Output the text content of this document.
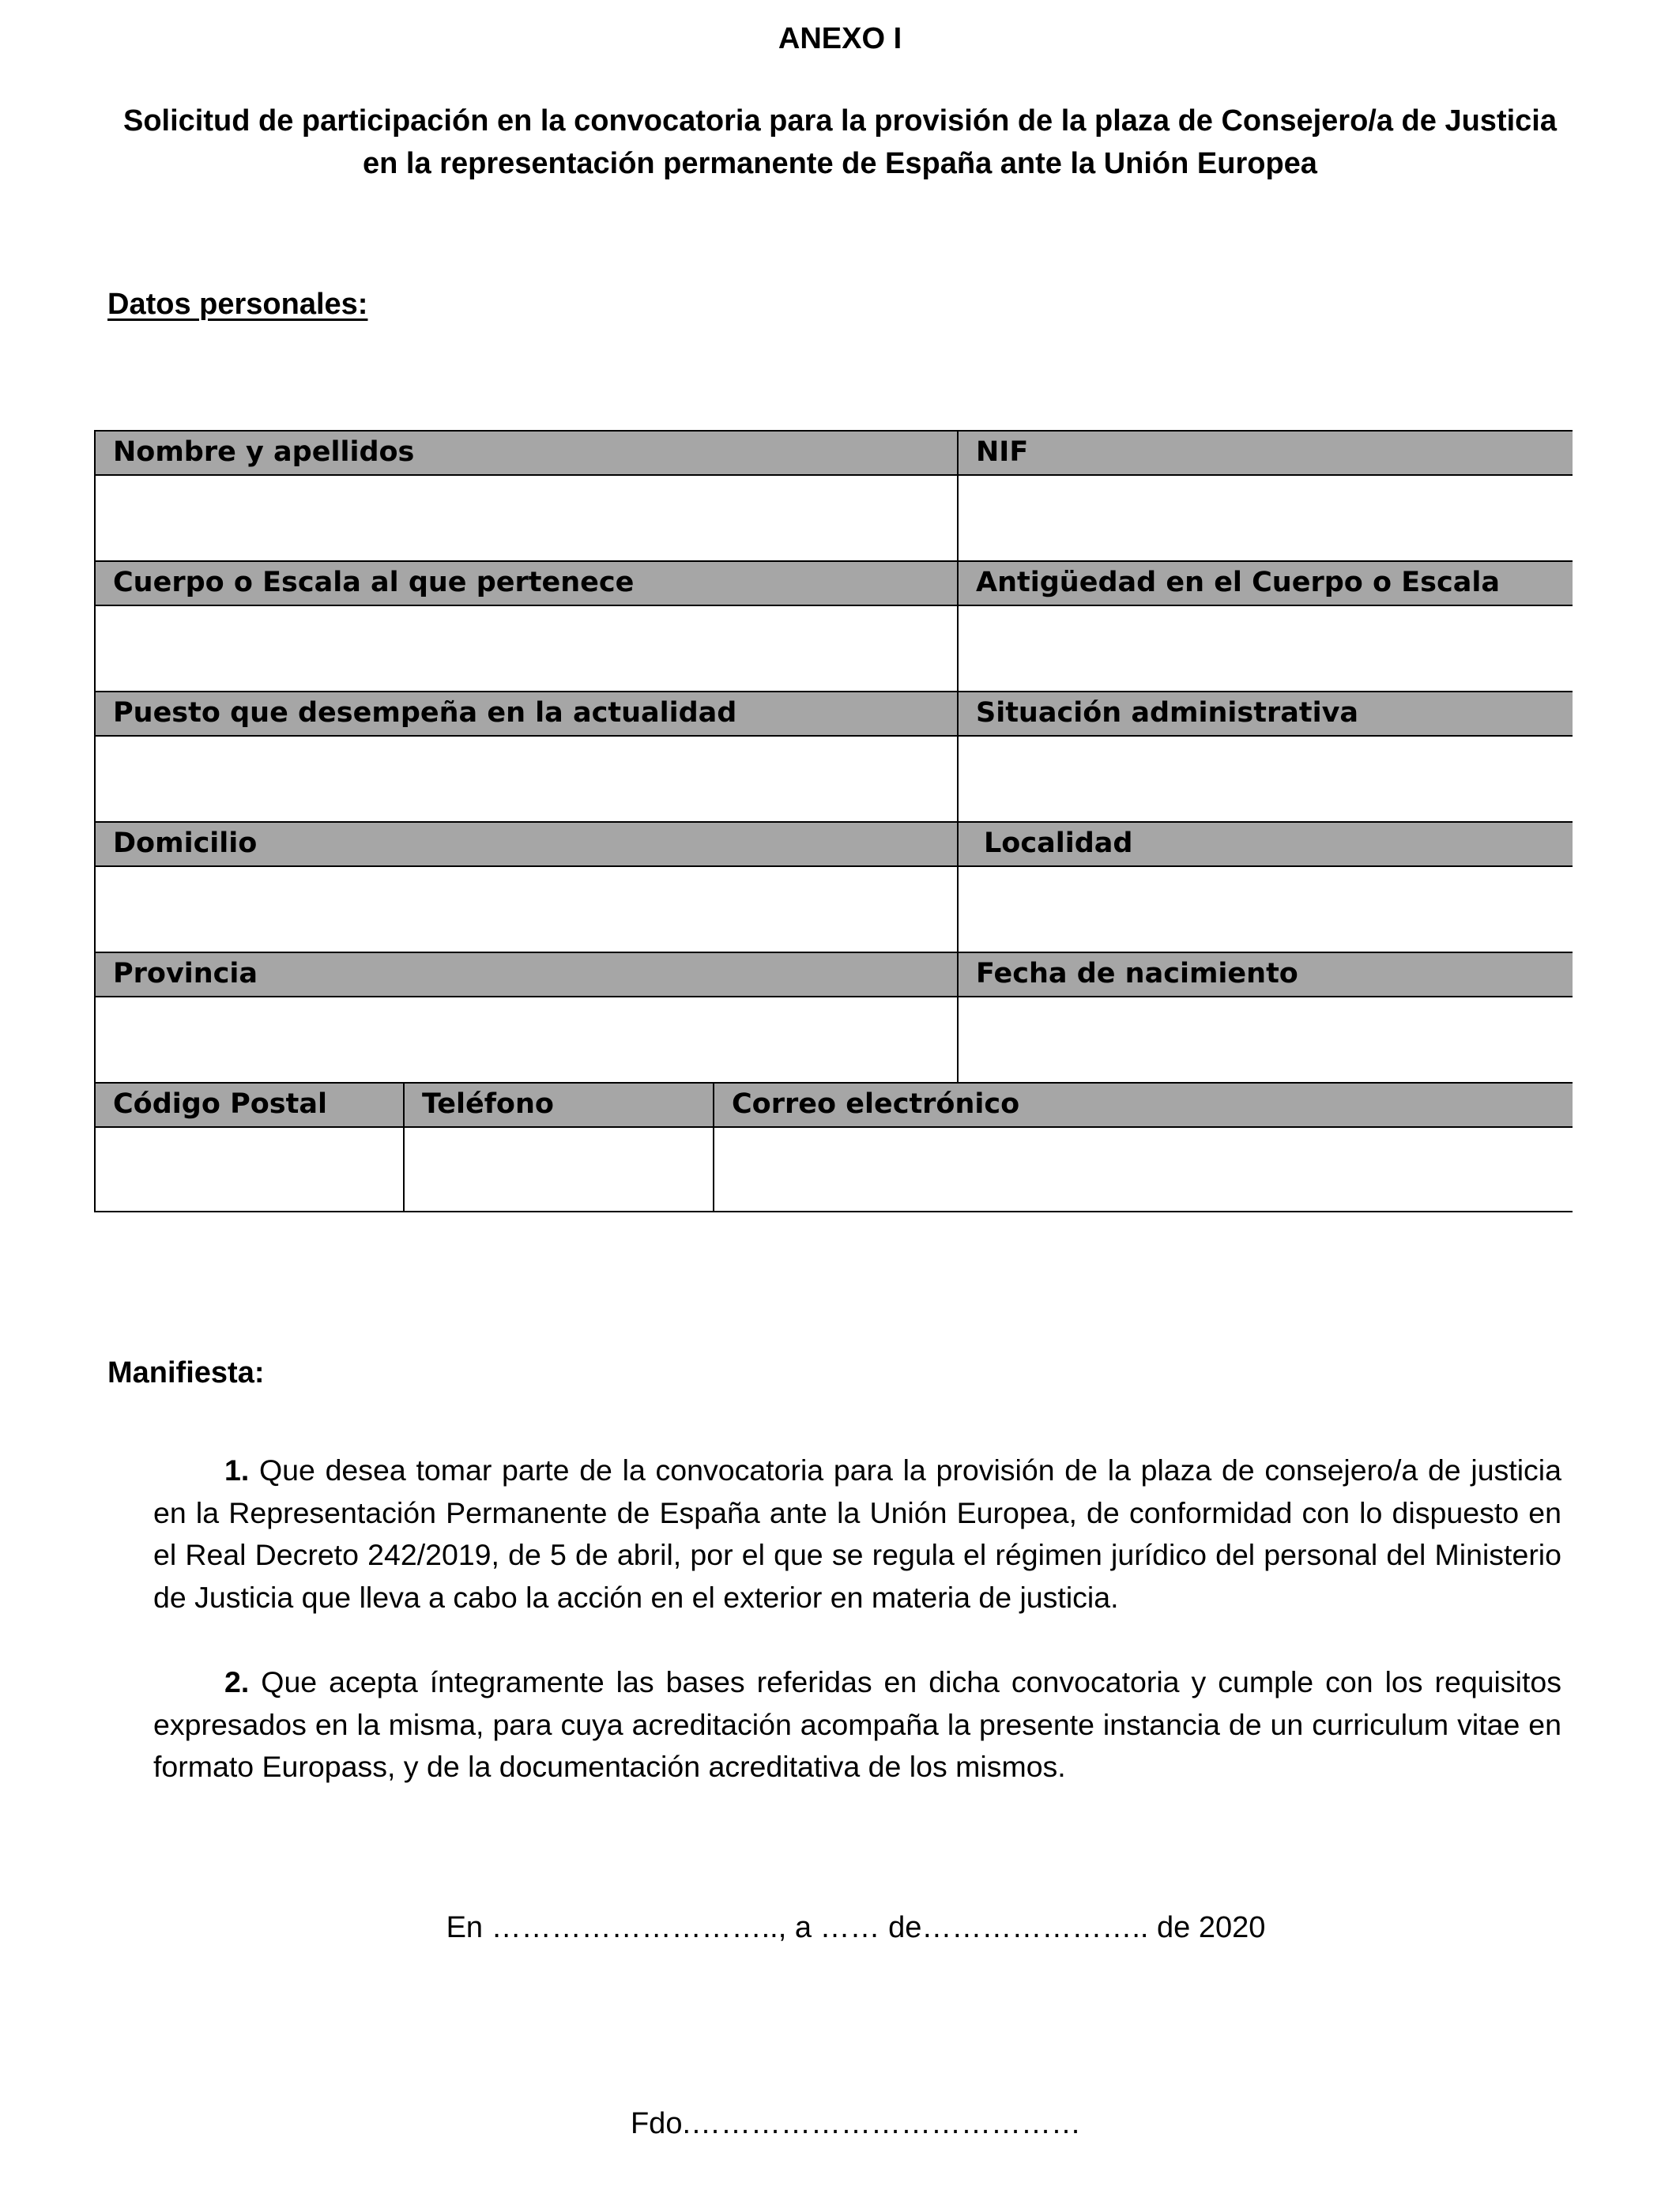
ANEXO I
Solicitud de participación en la convocatoria para la provisión de la plaza de Consejero/a de Justicia en la representación permanente de España ante la Unión Europea
Datos personales:
Nombre y apellidos	NIF
Cuerpo o Escala al que pertenece	Antigüedad en el Cuerpo o Escala
Puesto que desempeña en la actualidad	Situación administrativa
Domicilio	Localidad
Provincia	Fecha de nacimiento
Código Postal	Teléfono	Correo electrónico
Manifiesta:
1. Que desea tomar parte de la convocatoria para la provisión de la plaza de consejero/a de justicia en la Representación Permanente de España ante la Unión Europea, de conformidad con lo dispuesto en el Real Decreto 242/2019, de 5 de abril, por el que se regula el régimen jurídico del personal del Ministerio de Justicia que lleva a cabo la acción en el exterior en materia de justicia.
2. Que acepta íntegramente las bases referidas en dicha convocatoria y cumple con los requisitos expresados en la misma, para cuya acreditación acompaña la presente instancia de un curriculum vitae en formato Europass, y de la documentación acreditativa de los mismos.
En ……………………….., a …… de………………….. de 2020
Fdo.…………………………………
